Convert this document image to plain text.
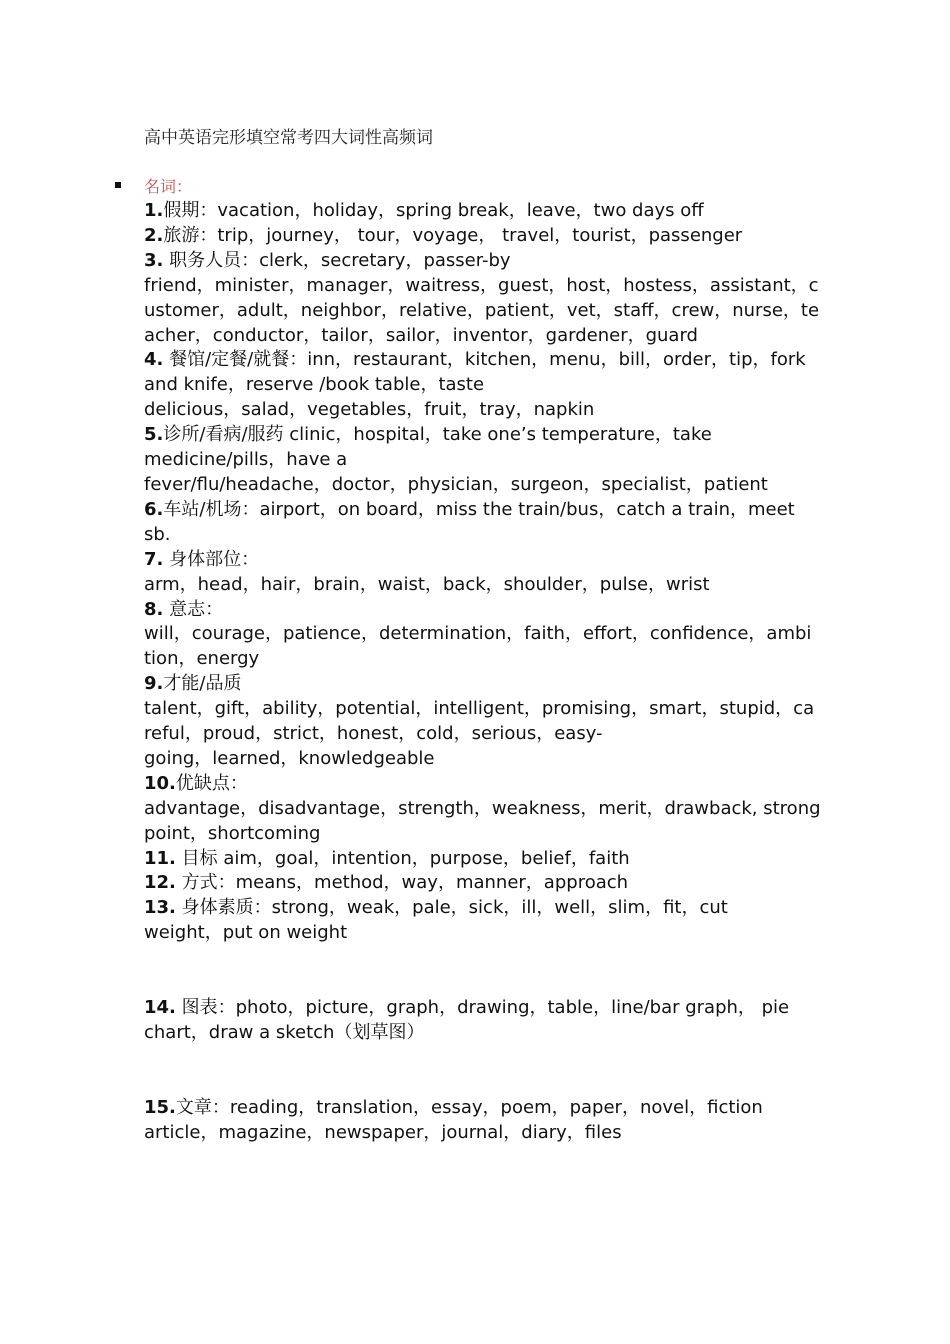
高中英语完形填空常考四大词性高频词
名词：
1.假期：vacation，holiday，spring break，leave，two days off
2.旅游：trip，journey， tour，voyage， travel，tourist，passenger
3. 职务人员：clerk，secretary，passer-by
friend，minister，manager，waitress，guest，host，hostess，assistant，c
ustomer，adult，neighbor，relative，patient，vet，staff，crew，nurse，te
acher，conductor，tailor，sailor，inventor，gardener，guard
4. 餐馆/定餐/就餐：inn，restaurant，kitchen，menu，bill，order，tip，fork
and knife，reserve /book table，taste
delicious，salad，vegetables，fruit，tray，napkin
5.诊所/看病/服药 clinic，hospital，take one’s temperature，take
medicine/pills，have a
fever/flu/headache，doctor，physician，surgeon，specialist，patient
6.车站/机场：airport，on board，miss the train/bus，catch a train，meet
sb.
7. 身体部位：
arm，head，hair，brain，waist，back，shoulder，pulse，wrist
8. 意志：
will，courage，patience，determination，faith，effort，confidence，ambi
tion，energy
9.才能/品质
talent，gift，ability，potential，intelligent，promising，smart，stupid，ca
reful，proud，strict，honest，cold，serious，easy-
going，learned，knowledgeable
10.优缺点：
advantage，disadvantage，strength，weakness，merit，drawback, strong
point，shortcoming
11. 目标 aim，goal，intention，purpose，belief，faith
12. 方式：means，method，way，manner，approach
13. 身体素质：strong，weak，pale，sick，ill，well，slim，fit，cut
weight，put on weight
14. 图表：photo，picture，graph，drawing，table，line/bar graph， pie
chart，draw a sketch（划草图）
15.文章：reading，translation，essay，poem，paper，novel，fiction
article，magazine，newspaper，journal，diary，files
